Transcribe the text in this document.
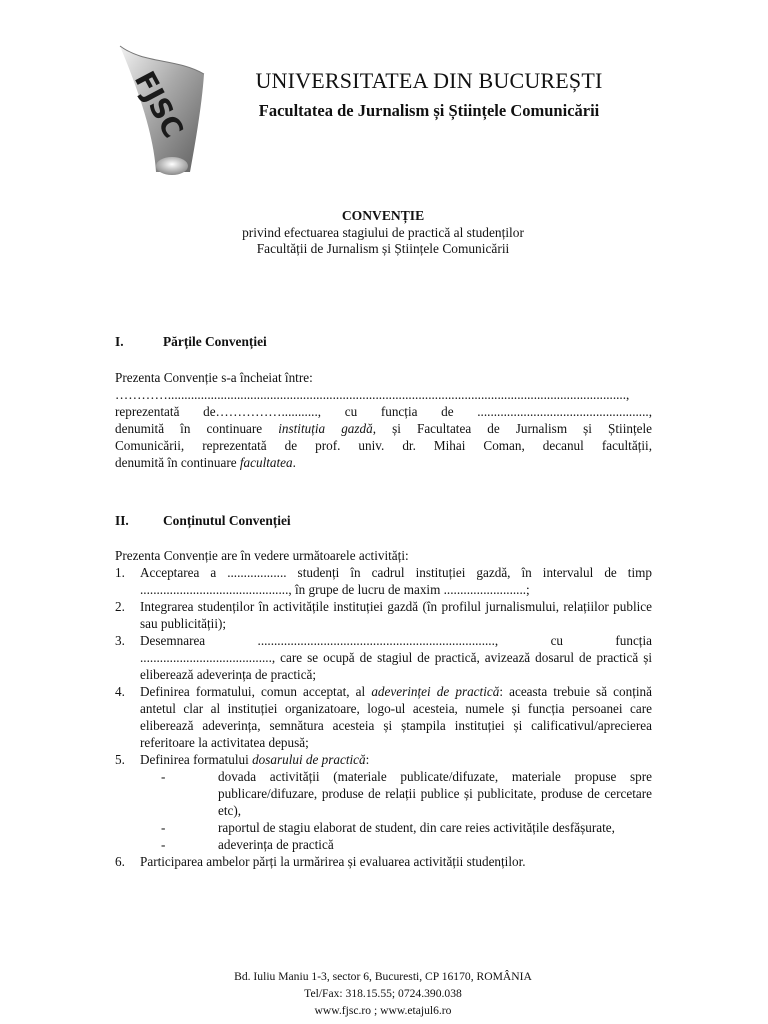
FJSC	UNIVERSITATEA DIN BUCUREȘTI
Facultatea de Jurnalism și Științele Comunicării
CONVENȚIE
privind efectuarea stagiului de practică al studenților
Facultății de Jurnalism și Științele Comunicării
I.	Părțile Convenției
Prezenta Convenție s-a încheiat între:
…………...........................................................................................................................................,
reprezentată de……………..........., cu funcția de ....................................................,
denumită în continuare instituția gazdă, și Facultatea de Jurnalism și Științele
Comunicării, reprezentată de prof. univ. dr. Mihai Coman, decanul facultății,
denumită în continuare facultatea.
II.	Conținutul Convenției
Prezenta Convenție are în vedere următoarele activități:
1. Acceptarea a .................. studenți în cadrul instituției gazdă, în intervalul de timp
............................................., în grupe de lucru de maxim .........................;
2. Integrarea studenților în activitățile instituției gazdă (în profilul jurnalismului, relațiilor publice sau publicității);
3. Desemnarea ........................................................................, cu funcția
........................................, care se ocupă de stagiul de practică, avizează dosarul de practică și eliberează adeverința de practică;
4. Definirea formatului, comun acceptat, al adeverinței de practică: aceasta trebuie să conțină antetul clar al instituției organizatoare, logo-ul acesteia, numele și funcția persoanei care eliberează adeverința, semnătura acesteia și ștampila instituției și calificativul/aprecierea referitoare la activitatea depusă;
5. Definirea formatului dosarului de practică:
-	dovada activității (materiale publicate/difuzate, materiale propuse spre publicare/difuzare, produse de relații publice și publicitate, produse de cercetare etc),
-	raportul de stagiu elaborat de student, din care reies activitățile desfășurate,
-	adeverința de practică
6. Participarea ambelor părți la urmărirea și evaluarea activității studenților.
Bd. Iuliu Maniu 1-3, sector 6, Bucuresti, CP 16170, ROMÂNIA
Tel/Fax: 318.15.55; 0724.390.038
www.fjsc.ro ; www.etajul6.ro
